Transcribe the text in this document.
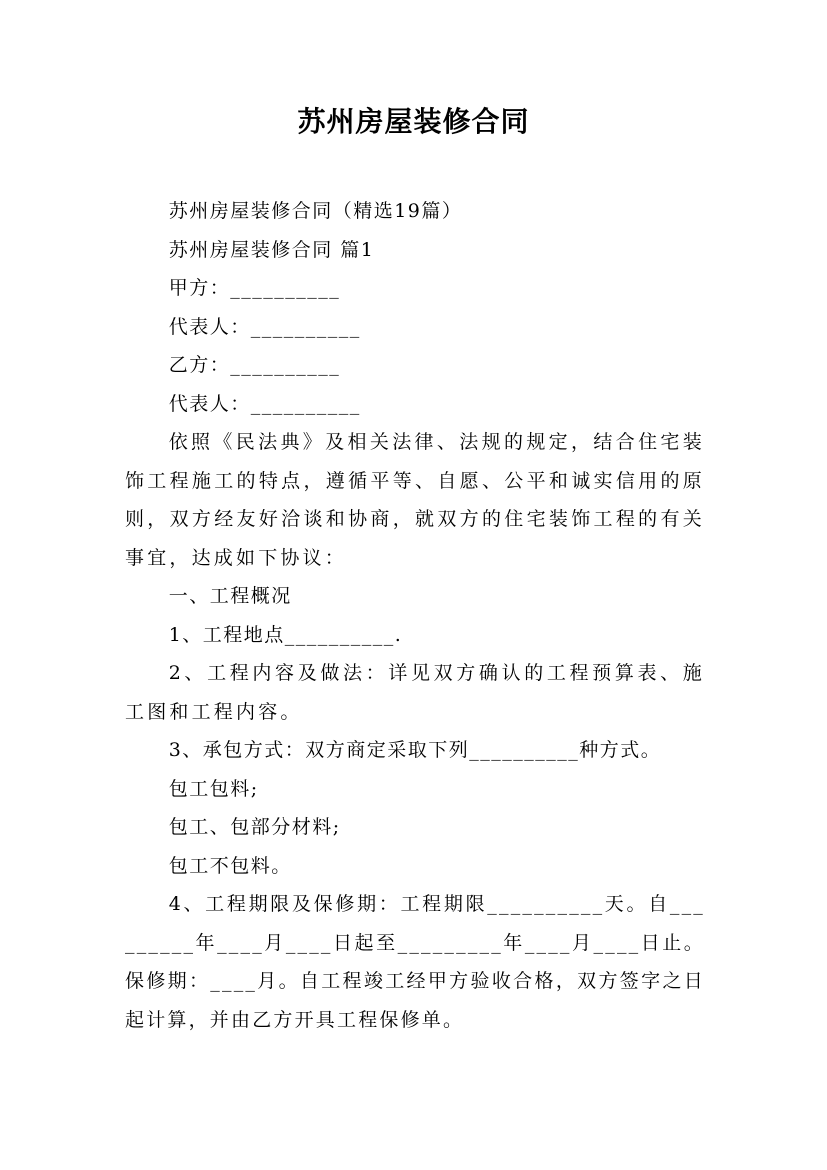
苏州房屋装修合同

苏州房屋装修合同（精选19篇）

苏州房屋装修合同 篇1

甲方：__________

代表人：__________

乙方：__________

代表人：__________

依照《民法典》及相关法律、法规的规定，结合住宅装饰工程施工的特点，遵循平等、自愿、公平和诚实信用的原则，双方经友好洽谈和协商，就双方的住宅装饰工程的有关事宜，达成如下协议：

一、工程概况

1、工程地点__________.

2、工程内容及做法：详见双方确认的工程预算表、施工图和工程内容。

3、承包方式：双方商定采取下列__________种方式。

包工包料;

包工、包部分材料;

包工不包料。

4、工程期限及保修期：工程期限__________天。自_________年____月____日起至_________年____月____日止。保修期：____月。自工程竣工经甲方验收合格，双方签字之日起计算，并由乙方开具工程保修单。
